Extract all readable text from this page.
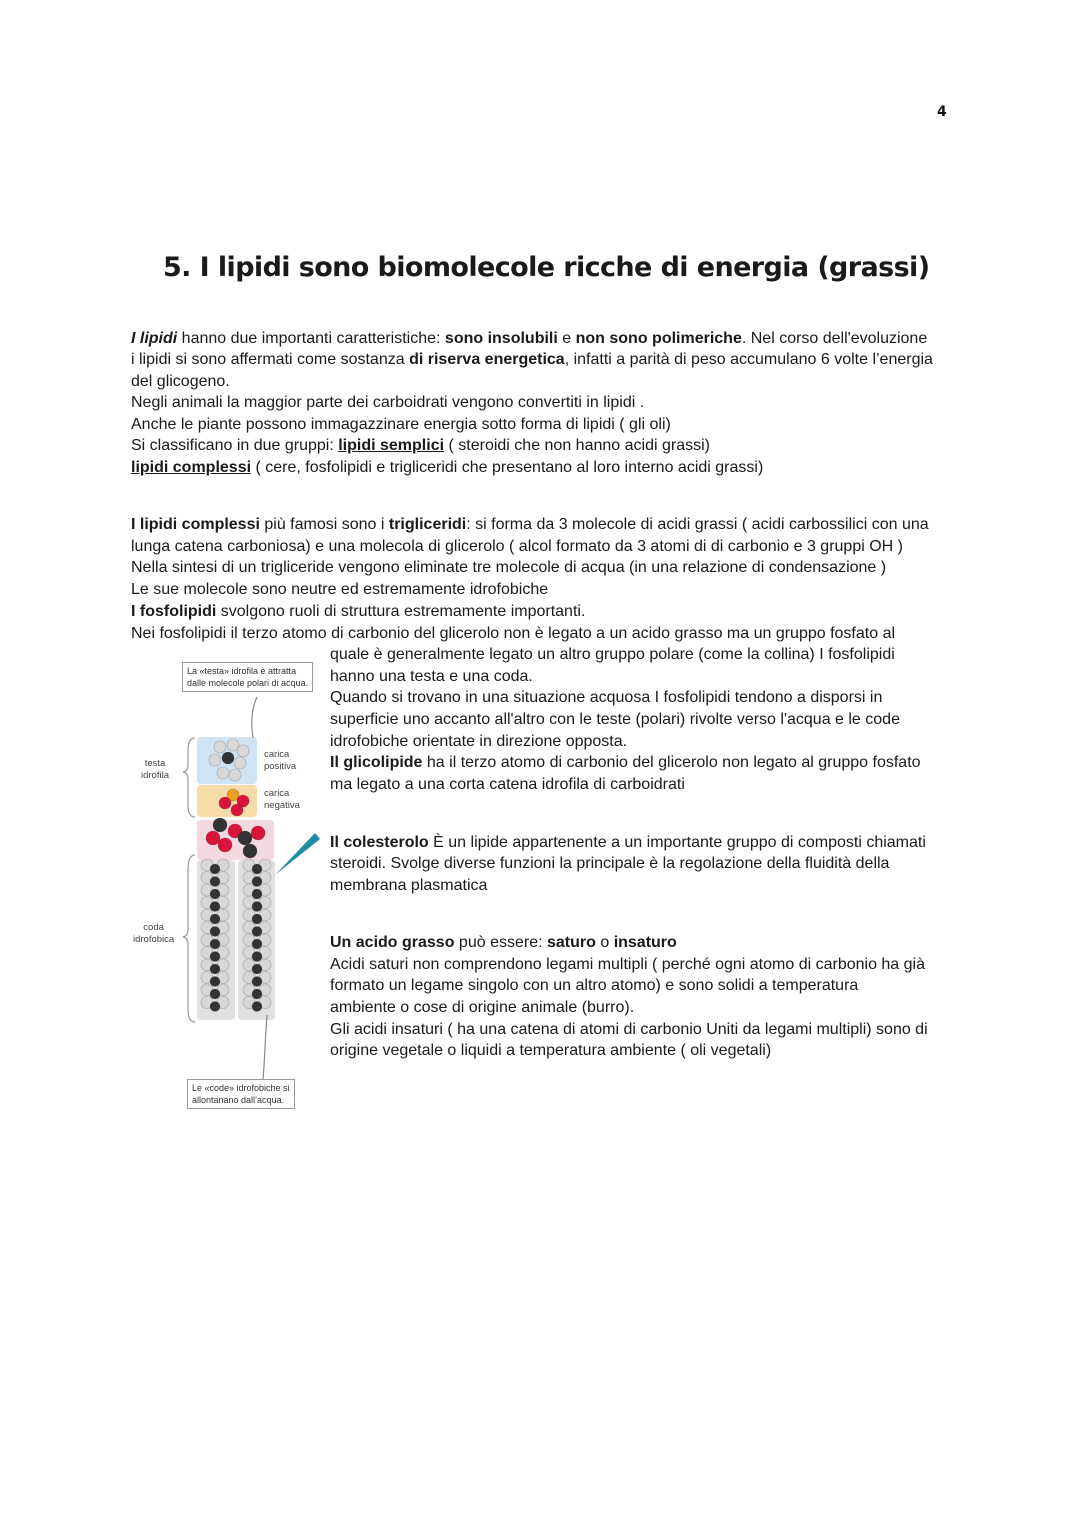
4
5. I lipidi sono biomolecole ricche di energia (grassi)
I lipidi hanno due importanti caratteristiche: sono insolubili e non sono polimeriche. Nel corso dell'evoluzione
i lipidi si sono affermati come sostanza di riserva energetica, infatti a parità di peso accumulano 6 volte l’energia
del glicogeno.
Negli animali la maggior parte dei carboidrati vengono convertiti in lipidi .
Anche le piante possono immagazzinare energia sotto forma di lipidi ( gli oli)
Si classificano in due gruppi: lipidi semplici ( steroidi che non hanno acidi grassi)
lipidi complessi ( cere, fosfolipidi e trigliceridi che presentano al loro interno acidi grassi)
I lipidi complessi più famosi sono i trigliceridi: si forma da 3 molecole di acidi grassi ( acidi carbossilici con una
lunga catena carboniosa) e una molecola di glicerolo ( alcol formato da 3 atomi di di carbonio e 3 gruppi OH )
Nella sintesi di un trigliceride vengono eliminate tre molecole di acqua (in una relazione di condensazione )
Le sue molecole sono neutre ed estremamente idrofobiche
I fosfolipidi svolgono ruoli di struttura estremamente importanti.
Nei fosfolipidi il terzo atomo di carbonio del glicerolo non è legato a un acido grasso ma un gruppo fosfato al
quale è generalmente legato un altro gruppo polare (come la collina) I fosfolipidi
hanno una testa e una coda.
Quando si trovano in una situazione acquosa I fosfolipidi tendono a disporsi in
superficie uno accanto all'altro con le teste (polari) rivolte verso l'acqua e le code
idrofobiche orientate in direzione opposta.
Il glicolipide ha il terzo atomo di carbonio del glicerolo non legato al gruppo fosfato
ma legato a una corta catena idrofila di carboidrati
Il colesterolo È un lipide appartenente a un importante gruppo di composti chiamati
steroidi. Svolge diverse funzioni la principale è la regolazione della fluidità della
membrana plasmatica
Un acido grasso può essere: saturo o insaturo
Acidi saturi non comprendono legami multipli ( perché ogni atomo di carbonio ha già
formato un legame singolo con un altro atomo) e sono solidi a temperatura
ambiente o cose di origine animale (burro).
Gli acidi insaturi ( ha una catena di atomi di carbonio Uniti da legami multipli) sono di
origine vegetale o liquidi a temperatura ambiente ( oli vegetali)
La «testa» idrofila è attratta
dalle molecole polari di acqua.
Le «code» idrofobiche si
allontanano dall’acqua.
testa
idrofila
coda
idrofobica
carica
positiva
carica
negativa
